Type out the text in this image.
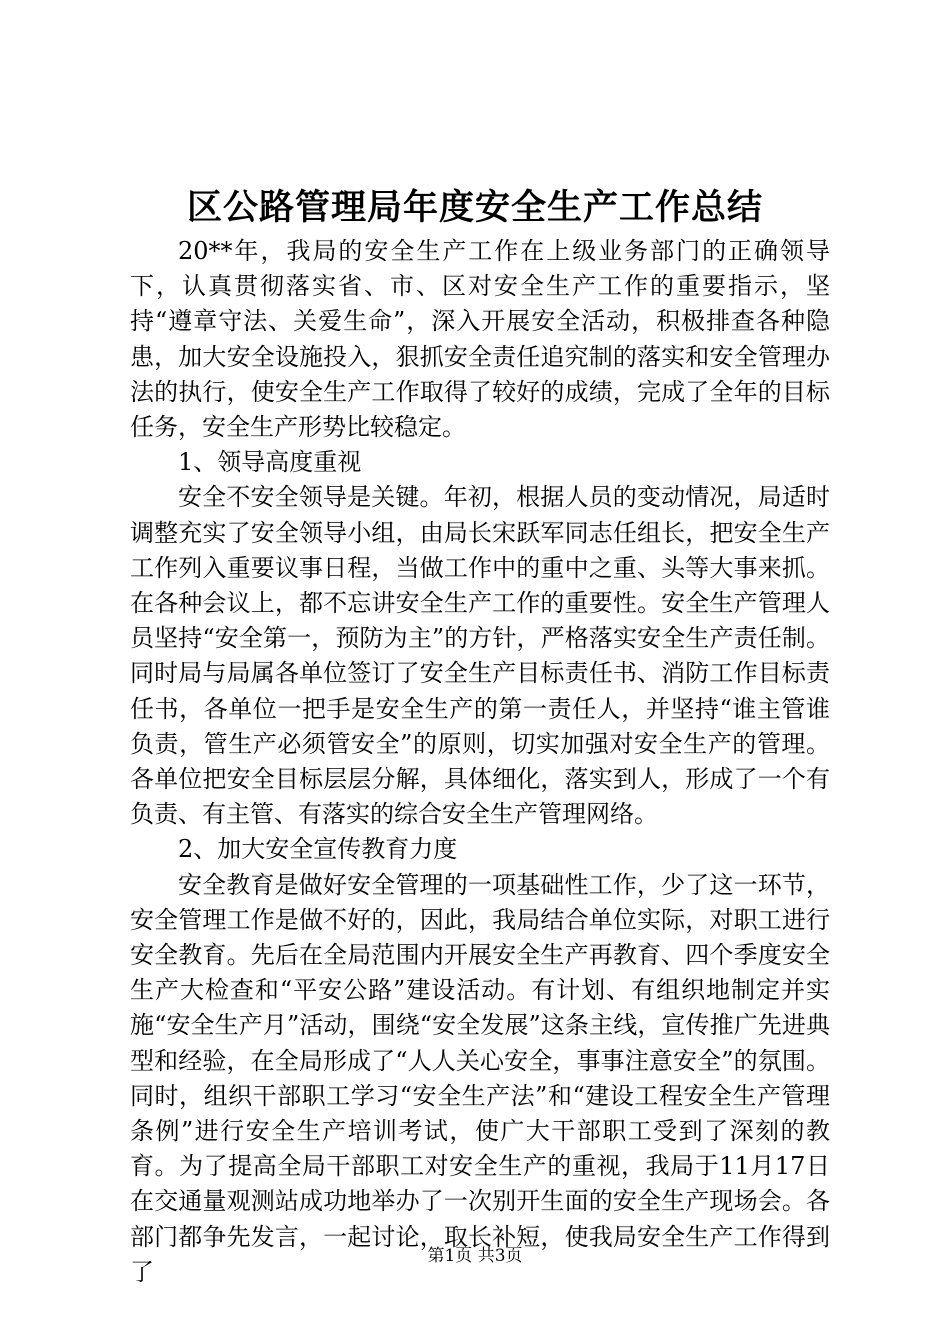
区公路管理局年度安全生产工作总结

20**年，我局的安全生产工作在上级业务部门的正确领导下，认真贯彻落实省、市、区对安全生产工作的重要指示，坚持“遵章守法、关爱生命”，深入开展安全活动，积极排查各种隐患，加大安全设施投入，狠抓安全责任追究制的落实和安全管理办法的执行，使安全生产工作取得了较好的成绩，完成了全年的目标任务，安全生产形势比较稳定。

1、领导高度重视

安全不安全领导是关键。年初，根据人员的变动情况，局适时调整充实了安全领导小组，由局长宋跃军同志任组长，把安全生产工作列入重要议事日程，当做工作中的重中之重、头等大事来抓。在各种会议上，都不忘讲安全生产工作的重要性。安全生产管理人员坚持“安全第一，预防为主”的方针，严格落实安全生产责任制。同时局与局属各单位签订了安全生产目标责任书、消防工作目标责任书，各单位一把手是安全生产的第一责任人，并坚持“谁主管谁负责，管生产必须管安全”的原则，切实加强对安全生产的管理。各单位把安全目标层层分解，具体细化，落实到人，形成了一个有负责、有主管、有落实的综合安全生产管理网络。

2、加大安全宣传教育力度

安全教育是做好安全管理的一项基础性工作，少了这一环节，安全管理工作是做不好的，因此，我局结合单位实际，对职工进行安全教育。先后在全局范围内开展安全生产再教育、四个季度安全生产大检查和“平安公路”建设活动。有计划、有组织地制定并实施“安全生产月”活动，围绕“安全发展”这条主线，宣传推广先进典型和经验，在全局形成了“人人关心安全，事事注意安全”的氛围。同时，组织干部职工学习“安全生产法”和“建设工程安全生产管理条例”进行安全生产培训考试，使广大干部职工受到了深刻的教育。为了提高全局干部职工对安全生产的重视，我局于11月17日在交通量观测站成功地举办了一次别开生面的安全生产现场会。各部门都争先发言，一起讨论，取长补短，使我局安全生产工作得到了

第1页 共3页
